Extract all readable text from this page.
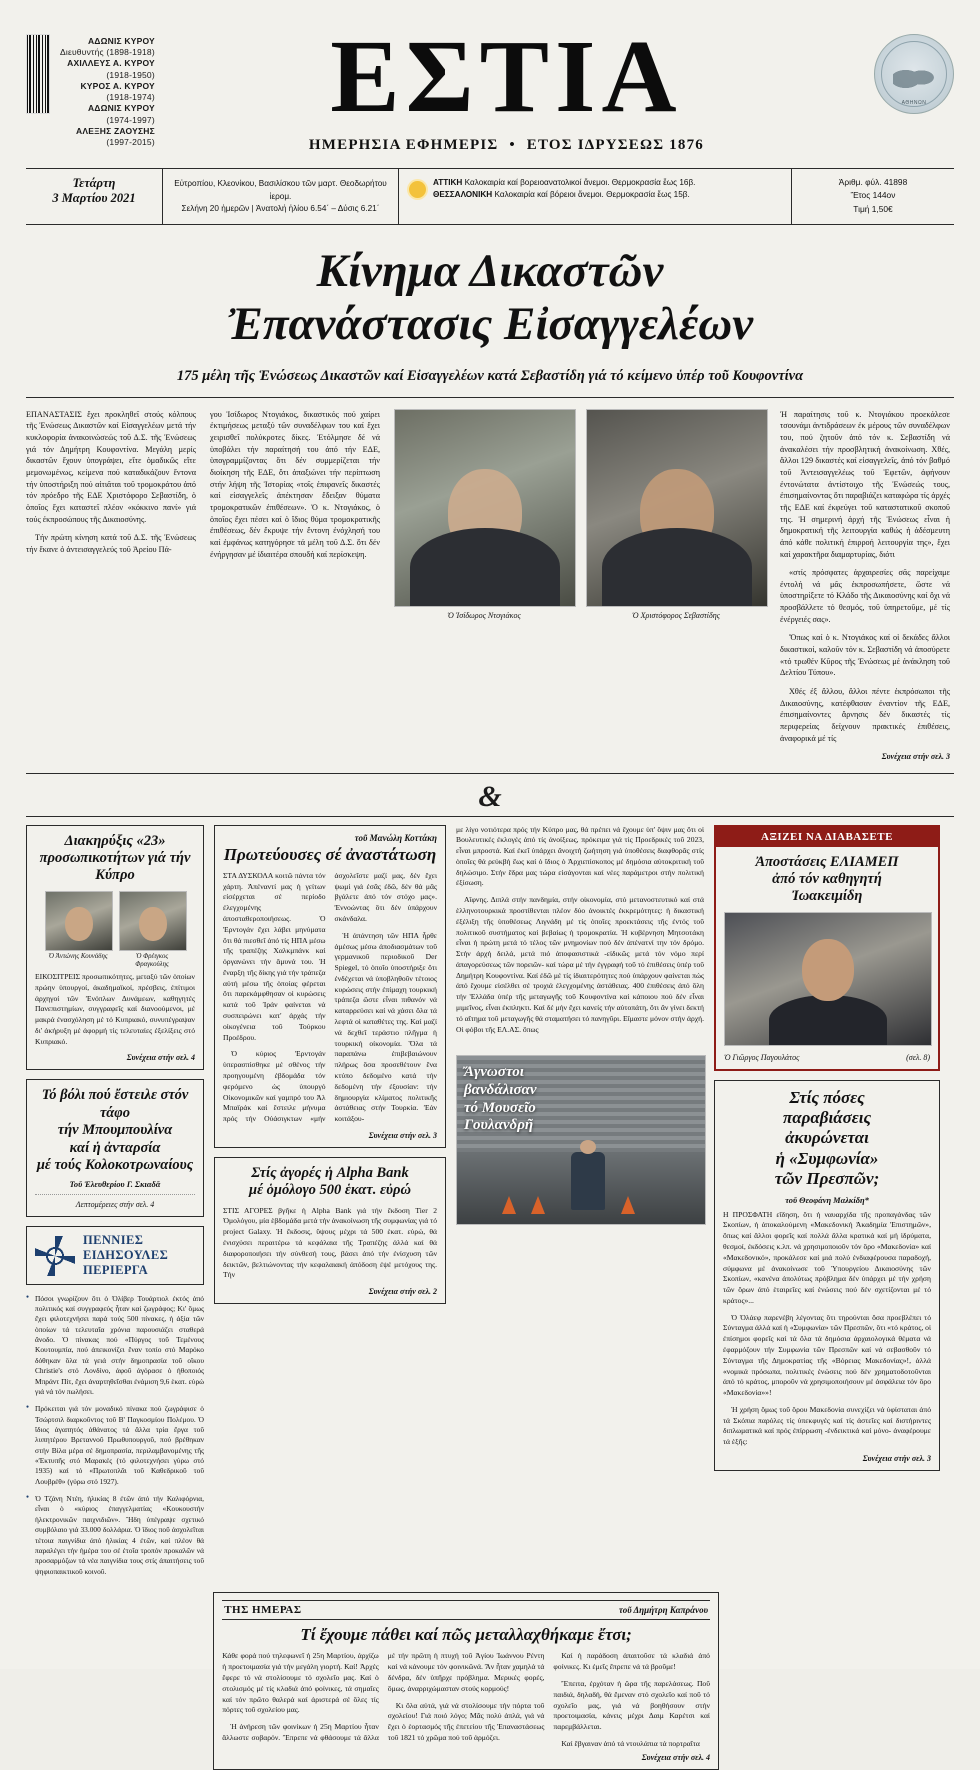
ΑΔΩΝΙΣ ΚΥΡΟΥ
Διευθυντής (1898-1918)
ΑΧΙΛΛΕΥΣ Α. ΚΥΡΟΥ
(1918-1950)
ΚΥΡΟΣ Α. ΚΥΡΟΥ
(1918-1974)
ΑΔΩΝΙΣ ΚΥΡΟΥ
(1974-1997)
ΑΛΕΞΗΣ ΖΑΟΥΣΗΣ
(1997-2015)
ΕΣΤΙΑ
ΗΜΕΡΗΣΙΑ ΕΦΗΜΕΡΙΣ • ΕΤΟΣ ΙΔΡΥΣΕΩΣ 1876
ΑΘΗΝΩΝ
Τετάρτη
3 Μαρτίου 2021
Εὐτροπίου, Κλεονίκου, Βασιλίσκου τῶν μαρτ. Θεοδωρήτου ἱερομ.
Σελήνη 20 ἡμερῶν | Ἀνατολή ἡλίου 6.54΄ – Δύσις 6.21΄
ΑΤΤΙΚΗ Καλοκαιρία καί βορειοανατολικοί ἄνεμοι. Θερμοκρασία ἕως 16β.
ΘΕΣΣΑΛΟΝΙΚΗ Καλοκαιρία καί βόρειοι ἄνεμοι. Θερμοκρασία ἕως 15β.
Ἀριθμ. φύλ. 41898
Ἔτος 144ον
Τιμή 1,50€
Κίνημα Δικαστῶν
Ἐπανάστασις Εἰσαγγελέων
175 μέλη τῆς Ἑνώσεως Δικαστῶν καί Εἰσαγγελέων κατά Σεβαστίδη γιά τό κείμενο ὑπέρ τοῦ Κουφοντίνα

ΕΠΑΝΑΣΤΑΣΙΣ ἔχει προκληθεῖ στούς κόλπους τῆς Ἑνώσεως Δικαστῶν καί Εἰσαγγελέων μετά τήν κυκλοφορία ἀνακοινώσεώς τοῦ Δ.Σ. τῆς Ἑνώσεως γιά τόν Δημήτρη Κουφοντίνα. Μεγάλη μερίς δικαστῶν ἔχουν ὑπογράψει, εἴτε ὁμαδικῶς εἴτε μεμονωμένως, κείμενα πού καταδικάζουν ἔντονα τήν ὑποστήριξη πού αἰτιᾶται τοῦ τρομοκράτου ἀπό τόν πρόεδρο τῆς ΕΔΕ Χριστόφορο Σεβαστίδη, ὁ ὁποῖος ἔχει καταστεῖ πλέον «κόκκινο πανί» γιά τούς ἐκπροσώπους τῆς Δικαιοσύνης.

Τήν πρώτη κίνηση κατά τοῦ Δ.Σ. τῆς Ἑνώσεως τήν ἔκανε ὁ ἀντεισαγγελεύς τοῦ Ἀρείου Πά-

γου Ἰσίδωρος Ντογιάκος, δικαστικός πού χαίρει ἐκτιμήσεως μεταξύ τῶν συναδέλφων του καί ἔχει χειρισθεῖ πολύκροτες δίκες. Ἐτόλμησε δέ νά ὑποβάλει τήν παραίτησή του ἀπό τήν ΕΔΕ, ὑπογραμμίζοντας ὅτι δέν συμμερίζεται τήν διοίκηση τῆς ΕΔΕ, ὅτι ἀπαξιώνει τήν περίπτωση στήν λήψη τῆς Ἱστορίας «τοῖς ἐπιφανεῖς δικαστές καί εἰσαγγελεῖς ἀπέκτησαν ἔδειξαν θύματα τρομοκρατικῶν ἐπιθέσεων». Ὁ κ. Ντογιάκος, ὁ ὁποῖος ἔχει πέσει καί ὁ ἴδιος θύμα τρομοκρατικῆς ἐπιθέσεως, δέν ἔκρυψε τήν ἔντονη ἐνόχλησή του καί ἐμφάνως κατηγόρησε τά μέλη τοῦ Δ.Σ. ὅτι δέν ἐνήργησαν μέ ἰδιαιτέρα σπουδή καί περίσκεψη.

Ὁ Ἰσίδωρος Ντογιάκος	Ὁ Χριστόφορος Σεβαστίδης

Ἡ παραίτησις τοῦ κ. Ντογιάκου προεκάλεσε τσουνάμι ἀντιδράσεων ἐκ μέρους τῶν συναδέλφων του, πού ζητοῦν ἀπό τόν κ. Σεβαστίδη νά ἀνακαλέσει τήν προσβλητική ἀνακοίνωση. Χθές, ἄλλοι 129 δικαστές καί εἰσαγγελεῖς, ἀπό τόν βαθμό τοῦ Ἀντεισαγγελέως τοῦ Ἐφετῶν, ἀφήνουν ἐντονώτατα ἀντίστοιχο τῆς Ἑνώσεώς τους, ἐπισημαίνοντας ὅτι παραβιάζει καταφώρα τίς ἀρχές τῆς ΕΔΕ καί ἐκφεύγει τοῦ καταστατικοῦ σκοποῦ της. Ἡ σημερινή ἀρχή τῆς Ἑνώσεως εἶναι ἡ δημοκρατική τῆς λειτουργία καθώς ἡ ἀδέσμευτη ἀπό κάθε πολιτική ἐπιρροή λειτουργία της», ἔχει καί χαρακτῆρα διαμαρτυρίας, διότι

«στίς πρόσφατες ἀρχαιρεσίες σᾶς παρείχαμε ἐντολή νά μᾶς ἐκπροσωπήσετε, ὥστε νά ὑποστηρίξετε τό Κλάδο τῆς Δικαιοσύνης καί ὄχι νά προσβάλλετε τό θεσμός, τοῦ ὑπηρετοῦμε, μέ τίς ἐνέργειές σας».

Ὅπως καί ὁ κ. Ντογιάκος καί οἱ δεκάδες ἄλλοι δικαστικοί, καλοῦν τόν κ. Σεβαστίδη νά ἀποσύρετε «τό τρωθέν Κῦρος τῆς Ἑνώσεως μέ ἀνάκληση τοῦ Δελτίου Τύπου».

Χθές ἐξ ἄλλου, ἄλλοι πέντε ἐκπρόσωποι τῆς Δικαιοσύνης, κατέφθασαν ἐναντίον τῆς ΕΔΕ, ἐπισημαίνοντες ἄρνησις δέν δικαστές τίς περιφερείας δείχνουν πρακτικές ἐπιθέσεις, ἀναφορικά μέ τίς

Συνέχεια στήν σελ. 3
&
Διακηρύξις «23» προσωπικοτήτων γιά τήν Κύπρο
Ὁ Ἀντώνης Κουνάδης	Ὁ Φρέιγκος Φραγκούλης

ΕΙΚΟΣΙΤΡΕΙΣ προσωπικότητες, μεταξύ τῶν ὁποίων πρώην ὑπουργοί, ἀκαδημαϊκοί, πρέσβεις, ἐπίτιμοι ἀρχηγοί τῶν Ἐνόπλων Δυνάμεων, καθηγητές Πανεπιστημίων, συγγραφεῖς καί διανοούμενοι, μέ μακρά ἐνασχόληση μέ τό Κυπριακό, συνυπέγραψαν δι' ἀκήρυξη μέ ἀφορμή τίς τελευταίες ἐξελίξεις στό Κυπριακό.

Συνέχεια στήν σελ. 4
Τό βόλι πού ἔστειλε στόν τάφο
τήν Μπουμπουλίνα
καί ἡ ἀνταρσία
μέ τούς Κολοκοτρωναίους
Τοῦ Ἐλευθερίου Γ. Σκιαδᾶ
Λεπτομέρειες στήν σελ. 4
ΠΕΝΝΙΕΣ
ΕΙΔΗΣΟΥΛΕΣ
ΠΕΡΙΕΡΓΑ

● Πόσοι γνωρίζουν ὅτι ὁ Ὀλίβερ Τουάρτιολ ἐκτός ἀπό πολιτικός καί συγγραφεύς ἦταν καί ζωγράφος; Κι' ὅμως ἔχει φιλοτεχνήσει παρά τούς 500 πίνακες, ἡ ἀξία τῶν ὁποίων τά τελευταῖα χρόνια παρουσιάζει σταθερά ἄνοδο. Ὁ πίνακας πού «Πύργος τοῦ Τεμένους Κουτουμπία, πού ἀπεικονίζει ἕναν τοπίο στό Μαρόκο δόθηκαν ὅλα τά γειά στήν δημοπρασία τοῦ οἴκου Christie's στό Λονδίνο, ἀφοῦ ἀγόρασε ὁ ἠθοποιός Μπράντ Πίτ, ἔχει ἀναρτηθεῖσθαι ἐνάμιση 9,6 ἑκατ. εὐρώ γιά νά τόν πωλήσει.

● Πρόκειται γιά τόν μοναδικό πίνακα πού ζωγράφισε ὁ Τσώρτσιλ διαρκοῦντος τοῦ Β' Παγκοσμίου Πολέμου. Ὁ ἴδιος ἀγαπητός ἀθάνατος τά ἄλλα τρία ἔργα τοῦ λυπητέρου Βρεταννοῦ Πρωθυπουργοῦ, πού βρέθηκαν στήν Βίλα μέρα σέ δημοπρασία, περιλαμβανομένης τῆς «Ἐκτυπῆς στό Μαρακές (τό φιλοτεχνήσει γύρω στό 1935) καί τό «Πρωτοπλᾶι τοῦ Καθεδρικοῦ τοῦ Λουβρέθ» (γύρω στό 1927).

● Ὁ Τζάνη Ντέη, ἡλικίας 8 ἐτῶν ἀπό τήν Καλιφόρνια, εἶναι ὁ «κύριος ἐπαγγελματίας «Κουκουστήν ἡλεκτρονικῶν παιχνιδιῶν». Ἤδη ὑπέγραψε σχετικό συμβόλαιο γιά 33.000 δολλάρια. Ὁ ἴδιος ποῦ ἀσχολεῖται τέτοια παιγνίδια ἀπό ἡλικίας 4 ἐτῶν, καί πλέον θά παραλέγει τήν ἡμέρα του σέ ἐτοῖα τροπόν προκαλῶν νά προσαρμόζων τά νέα παιγνίδια τους στίς ἀπαιτήσεις τοῦ ψηφιοπαικτικοῦ κοινοῦ.

τοῦ Μανώλη Κοττάκη
Πρωτεύουσες σέ ἀναστάτωση

ΣΤΑ ΔΥΣΚΟΛΑ κοιτῶ πάντα τόν χάρτη. Ἀπέναντί μας ἡ γείτων εἰσέρχεται σέ περίοδο ἐλεγχομένης ἀποσταθεροποιήσεως. Ὁ Ἐρντογάν ἔχει λάβει μηνύματα ὅτι θά πιεσθεῖ ἀπό τίς ΗΠΑ μέσω τῆς τραπέζης Χαλκμπάνκ καί ὀργανώνει τήν ἄμυνά του. Ἡ ἔναρξη τῆς δίκης γιά τήν τράπεζα αὐτή μέσω τῆς ὁποίας φέρεται ὅτι παρεκάμφθησαν οἱ κυρώσεις κατά τοῦ Ἰράν φαίνεται νά συσπειρώνει κατ' ἀρχάς τήν οἰκογένεια τοῦ Τούρκου Προέδρου.

Ὁ κύριος Ἐρντογάν ὑπερασπίσθηκε μέ σθένος τήν προηγουμένη ἑβδομάδα τόν φερόμενο ὡς ὑπουργό Οἰκονομικῶν καί γαμπρό του Ἀλ Μπαϊράκ καί ἔστειλε μήνυμα πρός τήν Οὐάσιγκτων «μήν ἀσχολεῖστε μαζί μας, δέν ἔχει ψωμί γιά ἐσᾶς ἐδῶ, δέν θά μᾶς βγάλετε ἀπό τόν στόχο μας». Ἐννοώντας ὅτι δέν ὑπάρχουν σκάνδαλα.

Ἡ ἀπάντηση τῶν ΗΠΑ ἦρθε ἀμέσως μέσω ἀποδιασμάτων τοῦ γερμανικοῦ περιοδικοῦ Der Spiegel, τό ὁποῖο ὑποστήριξε ὅτι ἐνδέχεται νά ὑποβληθοῦν τέτοιος κυρώσεις στήν ἐπίμαχη τουρκική τράπεζα ὥστε εἶναι πιθανόν νά καταρρεύσει καί νά χάσει ὅλα τά λεφτά οἱ καταθέτες της. Καί μαζί νά δεχθεῖ τεράστιο πλῆγμα ἡ τουρκική οἰκονομία. Ὅλα τά παραπάνω ἐπιβεβαιώνουν πλήρως ὅσα προσεθέτουν ἕνα κτύπο δεδομένο κατά τήν δεδομένη τήν ἐξουσίαν: τήν δημιουργία κλίματος πολιτικῆς ἀστάθειας στήν Τουρκία. Ἐάν κοιτάξου-

Συνέχεια στήν σελ. 3
Στίς ἀγορές ἡ Alpha Bank
μέ ὁμόλογο 500 ἑκατ. εὐρώ

ΣΤΙΣ ΑΓΟΡΕΣ βγῆκε ἡ Alpha Bank γιά τήν ἔκδοση Tier 2 Ὁμολόγου, μία ἑβδομάδα μετά τήν ἀνακοίνωση τῆς συμφωνίας γιά τό project Galaxy. Ἡ ἔκδοσις, ὕψους μέχρι τά 500 ἑκατ. εὐρώ, θά ἐνισχύσει περαιτέρω τά κεφάλαια τῆς Τραπέζης ἀλλά καί θά διαφοροποιήσει τήν σύνθεσή τους, βάσει ἀπό τήν ἐνίσχυση τῶν δεικτῶν, βελτιώνοντας τήν κεφαλαιακή ἀπόδοση ἐψέ μετόχους της. Τήν

Συνέχεια στήν σελ. 2

με λίγο νοτιότερα πρός τήν Κύπρο μας, θά πρέπει νά ἔχουμε ὑπ' ὄψιν μας ὅτι οἱ Βουλευτικές ἐκλογές ἀπό τίς ἀνοίξεως, πρόκειμα γιά τίς Προεδρικές τοῦ 2023, εἶναι μπροστά. Καί ἐκεῖ ὑπάρχει ἄνοιχτή ζωήτηση γιά ὑποθέσεις διαφθορᾶς στίς ὁποῖες θά ρεύκβή ἕως καί ὁ ἴδιος ὁ Ἀρχιεπίσκοπος μέ δημόσια αὐτοκριτική τοῦ δηλώσιμο. Στήν ἕδρα μας τώρα εἰσάγονται καί νέες παράμετροι στήν πολιτική ἐξίσωση.

Αἴφνης. Διπλά στήν πανδημία, στήν οἰκονομία, στό μετανοστευτικό καί στά ἑλληνοτουρκικά προστίθενται πλέον δύο ἀνοικτές ἐκκρεμότητες: ἡ δικαστική ἐξέλιξη τῆς ὑποθέσεως Λιγνάδη μέ τίς ὁποῖες προεκτάσεις τῆς ἐντός τοῦ πολιτικοῦ συστήματος καί βεβαίως ἡ τρομοκρατία. Ἡ κυβέρνηση Μητσοτάκη εἶναι ἡ πρώτη μετά τό τέλος τῶν μνημονίων πού δέν ἀπένατνί την τόν δρόμο. Στήν ἀρχή δειλά, μετά πιό ἀποφασιστικά -εἰδικῶς μετά τόν νόμο περί ἀπαγορεύσεως τῶν πορειῶν- καί τώρα μέ τήν ἐγγραφή τοῦ τό ἐπιθέσεις ὑπέρ τοῦ Δημήτρη Κουφοντίνα. Καί ἐδῶ μέ τίς ἰδιαιτερότητες πού ὑπάρχουν φαίνεται πώς ἀπό ἔχουμε εἰσέλθει σέ τροχιά ἐλεγχομένης ἀστάθειας. 400 ἐπιθέσεις ἀπό ὅλη τήν Ἑλλάδα ὑπέρ τῆς μεταγωγῆς τοῦ Κουφοντίνα καί κάποιου πού δέν εἶναι μιμεῖνος, εἶναι ἐκπληκτι. Καί δέ μήν ἔχει κανείς τήν αὐτοπάτη, ὅτι ἄν γίνει δεκτή τό αἴτημα τοῦ μεταγωγῆς θά σταματήσει τό πανηγῦρι. Εἴμαστε μόνον στήν ἀρχή. Οἱ φόβοι τῆς ΕΛ.ΑΣ. ὅπως

Ἄγνωστοι
βανδάλισαν
τό Μουσεῖο
Γουλανδρῆ
ΑΞΙΖΕΙ ΝΑ ΔΙΑΒΑΣΕΤΕ
Ἀποστάσεις ΕΛΙΑΜΕΠ
ἀπό τόν καθηγητή
Ἰωακειμίδη
Ὁ Γιῶργος Παγουλάτος	(σελ. 8)
Στίς πόσες
παραβιάσεις
ἀκυρώνεται
ἡ «Συμφωνία»
τῶν Πρεσπῶν;
τοῦ Θεοφάνη Μαλκίδη*

Η ΠΡΟΣΦΑΤΗ εἴδηση, ὅτι ἡ ναυαρχίδα τῆς προπαγάνδας τῶν Σκοπίων, ἡ ἀποκαλούμενη «Μακεδονική Ἀκαδημία Ἐπιστημῶν», ὅπως καί ἄλλοι φορεῖς καί πολλά ἄλλα κρατικά καί μή ἱδρύματα, θεσμοί, ἐκδόσεις κ.λπ. νά χρησιμοποιοῦν τόν ὅρο «Μακεδονία» καί «Μακεδονικό», προκάλεσε καί μιά πολύ ἐνδιαφέρουσα παραδοχή, σύμφωνα μέ ἀνακοίνωσε τοῦ Ὑπουργείου Δικαιοσύνης τῶν Σκοπίων, «κανένα ἀπολύτως πρόβλημα δέν ὑπάρχει μέ τήν χρήση τῶν ὅρων ἀπό ἑταιρεῖες καί ἑνώσεις πού δέν σχετίζονται μέ τό κράτος»...

Ὁ Ὁλάεφ παρενέβη λέγοντας ὅτι τηρούνται ὅσα προεβλέπει τό Σύνταγμα ἀλλά καί ἡ «Συμφωνία» τῶν Πρεσπῶν, ὅτι «τό κράτος, οἱ ἐπίσημοι φορεῖς καί τά ὄλα τά δημόσια ἀρχαιολογικά θέματα νά ἐφαρμόζουν τήν Συμφωνία τῶν Πρεσπῶν καί νά σεβασθοῦν τό Σύνταγμα τῆς Δημοκρατίας τῆς «Βόρειας Μακεδονίας»!, ἀλλά «νομικά πρόσωπα, πολιτικές ἑνώσεις πού δέν χρηματοδοτοῦνται ἀπό τό κράτος, μποροῦν νά χρησιμοποιήσουν μέ ἀσφάλεια τόν ὅρο «Μακεδονία»»!

Ἡ χρήση ὅμως τοῦ ὅρου Μακεδονία συνεχίζει νά ὑφίσταται ἀπό τά Σκόπια παρόλες τίς ὑπεκφυγές καί τίς ἀστεῖες καί διστήριντες διπλωματικά καί πρός ἐπίρρωση -ἐνδεικτικά καί μόνο- ἀναφέρουμε τά ἑξῆς:

Συνέχεια στήν σελ. 3
ΤΗΣ ΗΜΕΡΑΣ	τοῦ Δημήτρη Καπράνου
Τί ἔχουμε πάθει καί πῶς μεταλλαχθήκαμε ἔτσι;

Κάθε φορά πού τηλεφωνεῖ ἡ 25η Μαρτίου, ἀρχίζω ἡ προετοιμασία γιά τήν μεγάλη γιορτή. Καί! Ἀρχές ἔφερε τό νά στολίσουμε τό σχολεῖο μας. Καί ὁ στολισμός μέ τίς κλαδιά ἀπό φοίνικες, τά σημαῖες καί τόν πρῶτο θαλερά καί ἀριστερά σέ ὅλες τίς πόρτες τοῦ σχολείου μας.

Ἡ ἀνήρεση τῶν φοινίκων ἡ 25η Μαρτίου ἦταν ἄλλωστε σοβαρόν. Ἔπρεπε νά φθάσουμε τά ἄλλα μέ τήν πρῶτη ἡ πτυχή τοῦ Ἁγίου Ἰωάννου Ρέντη καί νά κάνουμε τόν φοινικῶνά. Ἄν ἦταν χαμηλά τά δένδρα, δέν ὑπῆρχε πρόβλημα. Μερικές φορές, ὅμως, ἀναρριχώμασταν στούς κορμούς!

Κι ὅλα αὐτά, γιά νά στολίσουμε τήν πόρτα τοῦ σχολείου! Γιά ποιό λόγο; Μᾶς πολύ ἁπλά, γιά νά ἔχει ὁ ἑορτασμός τῆς ἐπετείου τῆς Ἐπαναστάσεως τοῦ 1821 τό χρῶμα πού τοῦ ἁρμόζει.

Καί ἡ παράδοση ἀπαιτοῦσε τά κλαδιά ἀπό φοίνικες. Κι ἐμεῖς ἔπρεπε νά τά βροῦμε!

Ἔπειτα, ἐρχόταν ἡ ὥρα τῆς παρελάσεως. Ποῦ παιδιά, δηλαδή, θά ἔμεναν στό σχολεῖο καί ποῦ τό σχολεῖο μας, γιά νά βοηθήσουν στήν προετοιμασία, κάνεις μέχρι Δαιμ Καρέτσι καί παρεμβάλλεται.

Καί ἔβγαιναν ἀπό τά ντουλάπια τά πορτραῖτα

Συνέχεια στήν σελ. 4
